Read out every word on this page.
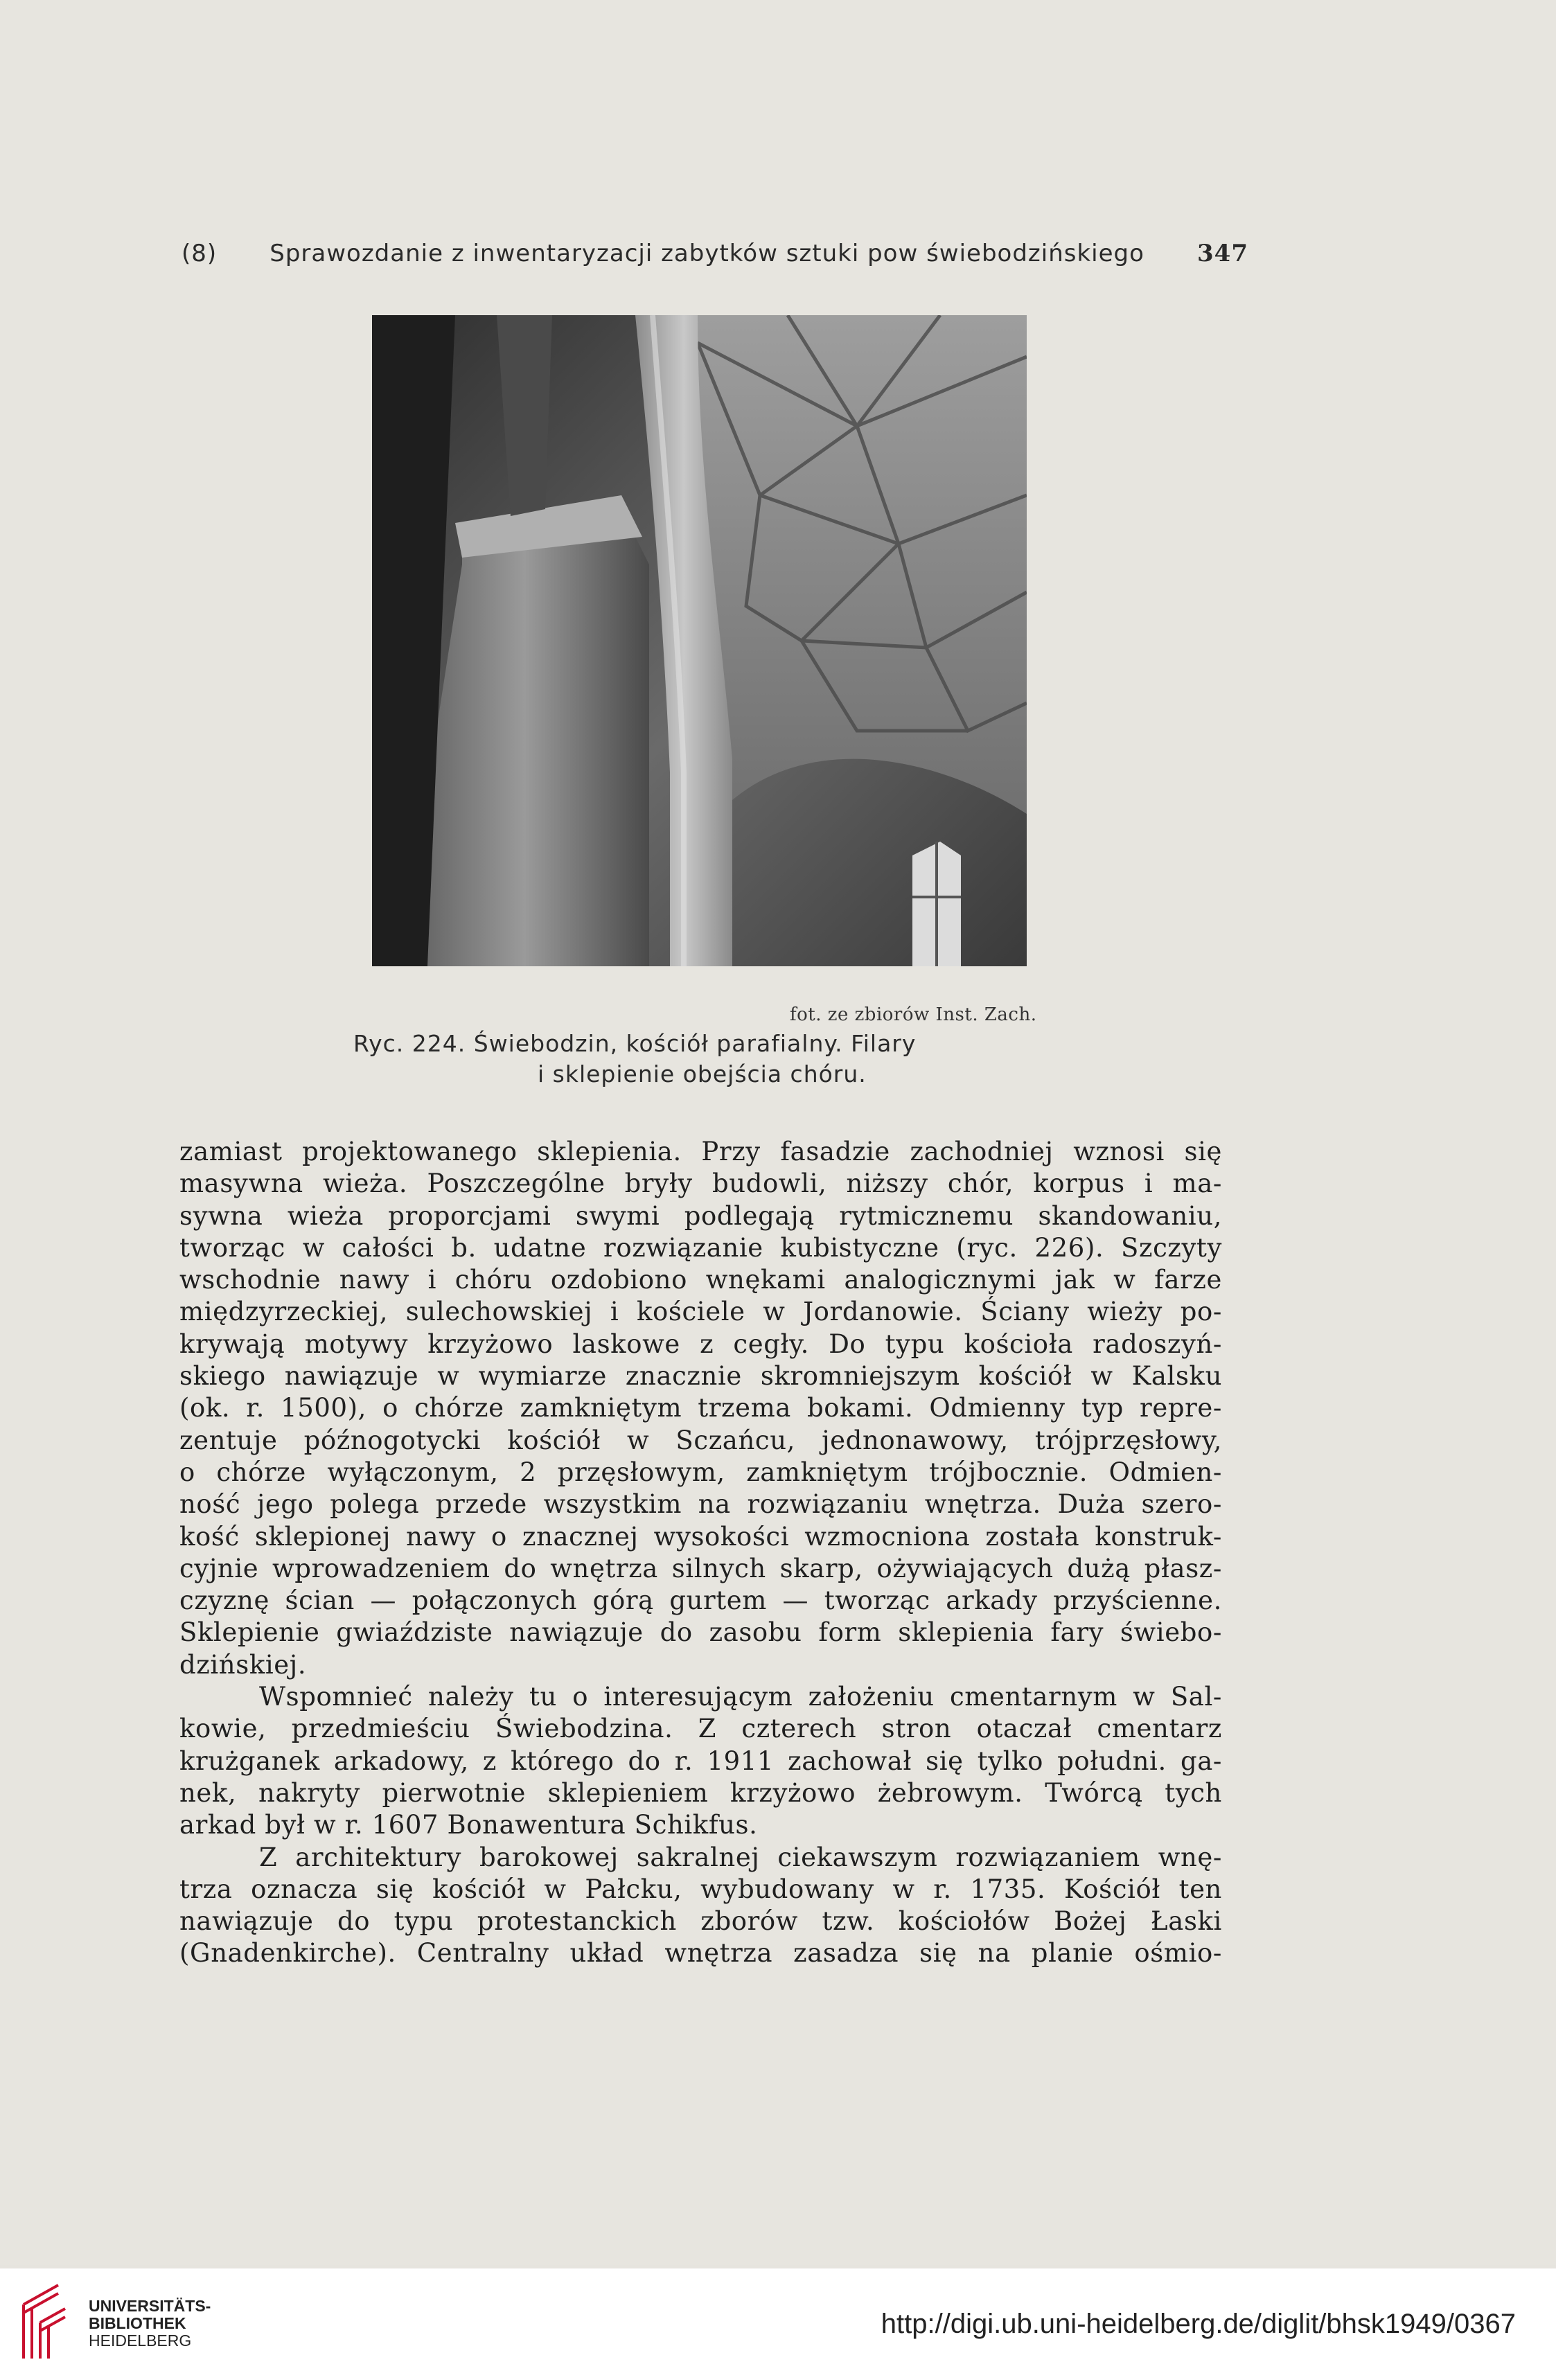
(8) Sprawozdanie z inwentaryzacji zabytków sztuki pow świebodzińskiego 347
fot. ze zbiorów Inst. Zach.
Ryc. 224. Świebodzin, kościół parafialny. Filary
i sklepienie obejścia chóru.

zamiast projektowanego sklepienia. Przy fasadzie zachodniej wznosi się

masywna wieża. Poszczególne bryły budowli, niższy chór, korpus i ma-

sywna wieża proporcjami swymi podlegają rytmicznemu skandowaniu,

tworząc w całości b. udatne rozwiązanie kubistyczne (ryc. 226). Szczyty

wschodnie nawy i chóru ozdobiono wnękami analogicznymi jak w farze

międzyrzeckiej, sulechowskiej i kościele w Jordanowie. Ściany wieży po-

krywają motywy krzyżowo laskowe z cegły. Do typu kościoła radoszyń-

skiego nawiązuje w wymiarze znacznie skromniejszym kościół w Kalsku

(ok. r. 1500), o chórze zamkniętym trzema bokami. Odmienny typ repre-

zentuje późnogotycki kościół w Sczańcu, jednonawowy, trójprzęsłowy,

o chórze wyłączonym, 2 przęsłowym, zamkniętym trójbocznie. Odmien-

ność jego polega przede wszystkim na rozwiązaniu wnętrza. Duża szero-

kość sklepionej nawy o znacznej wysokości wzmocniona została konstruk-

cyjnie wprowadzeniem do wnętrza silnych skarp, ożywiających dużą płasz-

czyznę ścian — połączonych górą gurtem — tworząc arkady przyścienne.

Sklepienie gwiaździste nawiązuje do zasobu form sklepienia fary świebo-

dzińskiej.

Wspomnieć należy tu o interesującym założeniu cmentarnym w Sal-

kowie, przedmieściu Świebodzina. Z czterech stron otaczał cmentarz

krużganek arkadowy, z którego do r. 1911 zachował się tylko południ. ga-

nek, nakryty pierwotnie sklepieniem krzyżowo żebrowym. Twórcą tych

arkad był w r. 1607 Bonawentura Schikfus.

Z architektury barokowej sakralnej ciekawszym rozwiązaniem wnę-

trza oznacza się kościół w Pałcku, wybudowany w r. 1735. Kościół ten

nawiązuje do typu protestanckich zborów tzw. kościołów Bożej Łaski

(Gnadenkirche). Centralny układ wnętrza zasadza się na planie ośmio-

UNIVERSITÄTS-
BIBLIOTHEK
HEIDELBERG
http://digi.ub.uni-heidelberg.de/diglit/bhsk1949/0367
